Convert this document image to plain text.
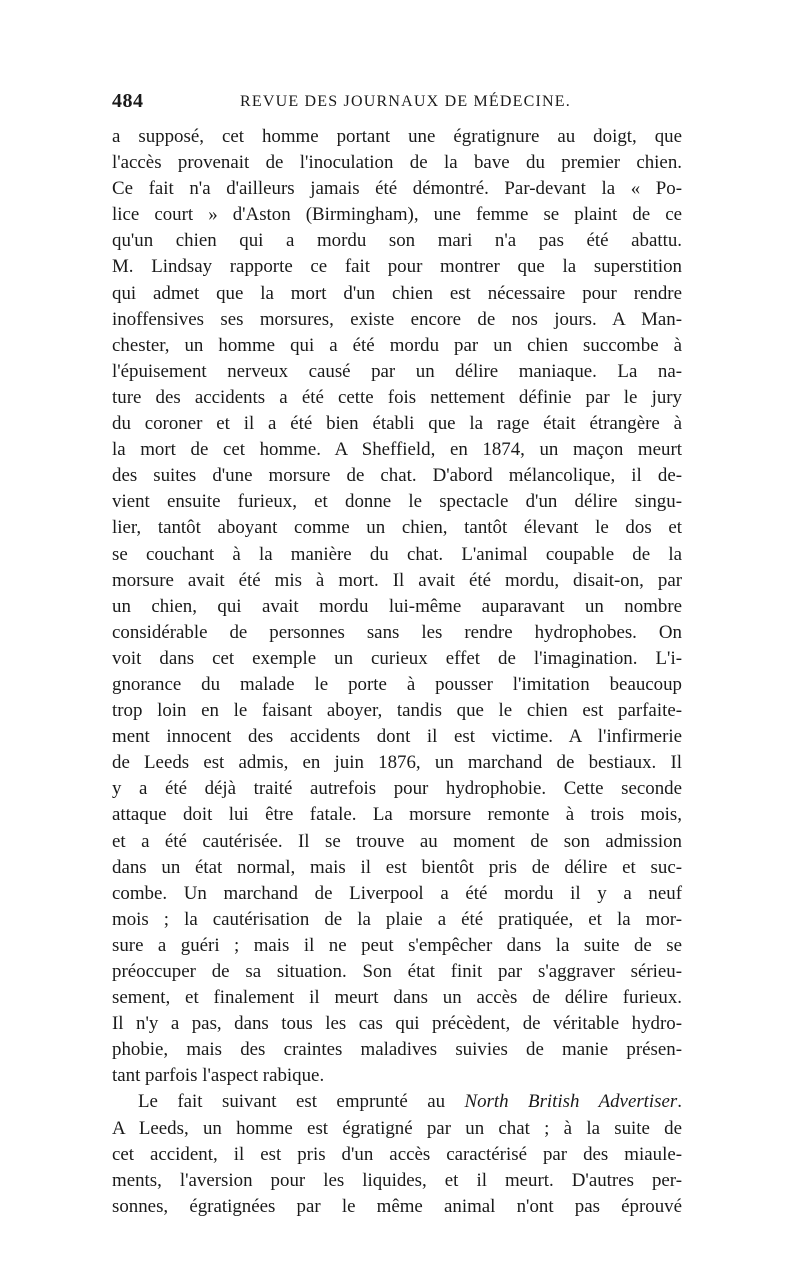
484	REVUE DES JOURNAUX DE MÉDECINE.
a supposé, cet homme portant une égratignure au doigt, que
l'accès provenait de l'inoculation de la bave du premier chien.
Ce fait n'a d'ailleurs jamais été démontré. Par-devant la « Po-
lice court » d'Aston (Birmingham), une femme se plaint de ce
qu'un chien qui a mordu son mari n'a pas été abattu.
M. Lindsay rapporte ce fait pour montrer que la superstition
qui admet que la mort d'un chien est nécessaire pour rendre
inoffensives ses morsures, existe encore de nos jours. A Man-
chester, un homme qui a été mordu par un chien succombe à
l'épuisement nerveux causé par un délire maniaque. La na-
ture des accidents a été cette fois nettement définie par le jury
du coroner et il a été bien établi que la rage était étrangère à
la mort de cet homme. A Sheffield, en 1874, un maçon meurt
des suites d'une morsure de chat. D'abord mélancolique, il de-
vient ensuite furieux, et donne le spectacle d'un délire singu-
lier, tantôt aboyant comme un chien, tantôt élevant le dos et
se couchant à la manière du chat. L'animal coupable de la
morsure avait été mis à mort. Il avait été mordu, disait-on, par
un chien, qui avait mordu lui-même auparavant un nombre
considérable de personnes sans les rendre hydrophobes. On
voit dans cet exemple un curieux effet de l'imagination. L'i-
gnorance du malade le porte à pousser l'imitation beaucoup
trop loin en le faisant aboyer, tandis que le chien est parfaite-
ment innocent des accidents dont il est victime. A l'infirmerie
de Leeds est admis, en juin 1876, un marchand de bestiaux. Il
y a été déjà traité autrefois pour hydrophobie. Cette seconde
attaque doit lui être fatale. La morsure remonte à trois mois,
et a été cautérisée. Il se trouve au moment de son admission
dans un état normal, mais il est bientôt pris de délire et suc-
combe. Un marchand de Liverpool a été mordu il y a neuf
mois ; la cautérisation de la plaie a été pratiquée, et la mor-
sure a guéri ; mais il ne peut s'empêcher dans la suite de se
préoccuper de sa situation. Son état finit par s'aggraver sérieu-
sement, et finalement il meurt dans un accès de délire furieux.
Il n'y a pas, dans tous les cas qui précèdent, de véritable hydro-
phobie, mais des craintes maladives suivies de manie présen-
tant parfois l'aspect rabique.
Le fait suivant est emprunté au North British Advertiser.
A Leeds, un homme est égratigné par un chat ; à la suite de
cet accident, il est pris d'un accès caractérisé par des miaule-
ments, l'aversion pour les liquides, et il meurt. D'autres per-
sonnes, égratignées par le même animal n'ont pas éprouvé
